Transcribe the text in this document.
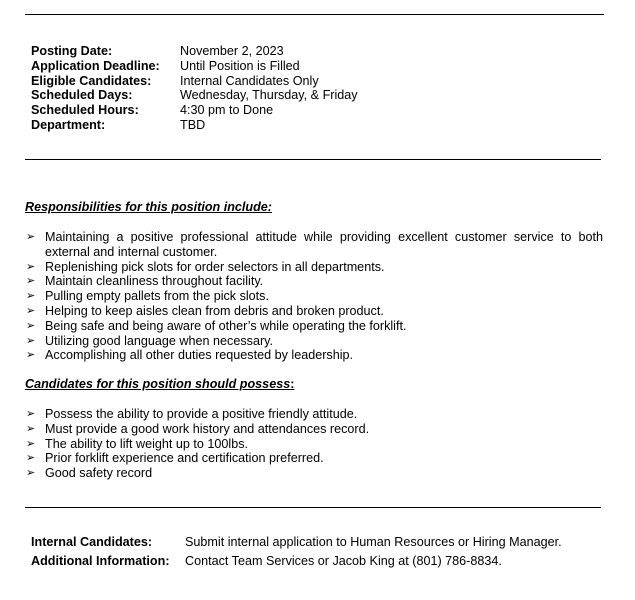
Posting Date:	November 2, 2023
Application Deadline: Until Position is Filled
Eligible Candidates: Internal Candidates Only
Scheduled Days:	Wednesday, Thursday, & Friday
Scheduled Hours:	4:30 pm to Done
Department:	TBD
Responsibilities for this position include:
➢ Maintaining a positive professional attitude while providing excellent customer service to both external and internal customer.
➢ Replenishing pick slots for order selectors in all departments.
➢ Maintain cleanliness throughout facility.
➢ Pulling empty pallets from the pick slots.
➢ Helping to keep aisles clean from debris and broken product.
➢ Being safe and being aware of other’s while operating the forklift.
➢ Utilizing good language when necessary.
➢ Accomplishing all other duties requested by leadership.
Candidates for this position should possess:
➢ Possess the ability to provide a positive friendly attitude.
➢ Must provide a good work history and attendances record.
➢ The ability to lift weight up to 100lbs.
➢ Prior forklift experience and certification preferred.
➢ Good safety record
Internal Candidates:	Submit internal application to Human Resources or Hiring Manager.
Additional Information: Contact Team Services or Jacob King at (801) 786-8834.
